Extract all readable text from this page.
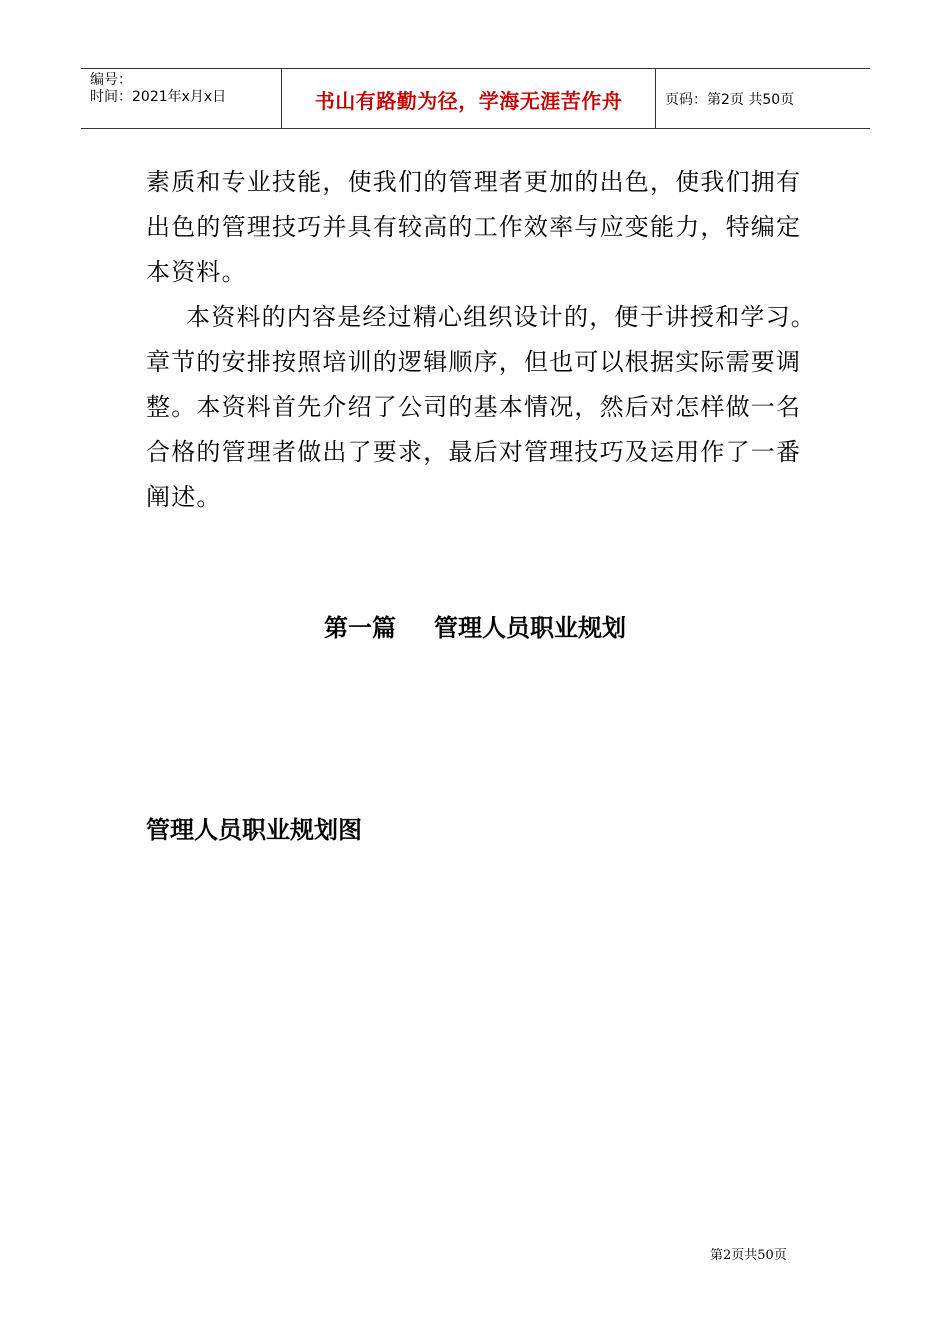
编号：
时间：2021年x月x日	书山有路勤为径，学海无涯苦作舟	页码：第2页 共50页

素质和专业技能，使我们的管理者更加的出色，使我们拥有出色的管理技巧并具有较高的工作效率与应变能力，特编定本资料。

本资料的内容是经过精心组织设计的，便于讲授和学习。章节的安排按照培训的逻辑顺序，但也可以根据实际需要调整。本资料首先介绍了公司的基本情况，然后对怎样做一名合格的管理者做出了要求，最后对管理技巧及运用作了一番阐述。

第一篇 管理人员职业规划
管理人员职业规划图
第2页共50页
